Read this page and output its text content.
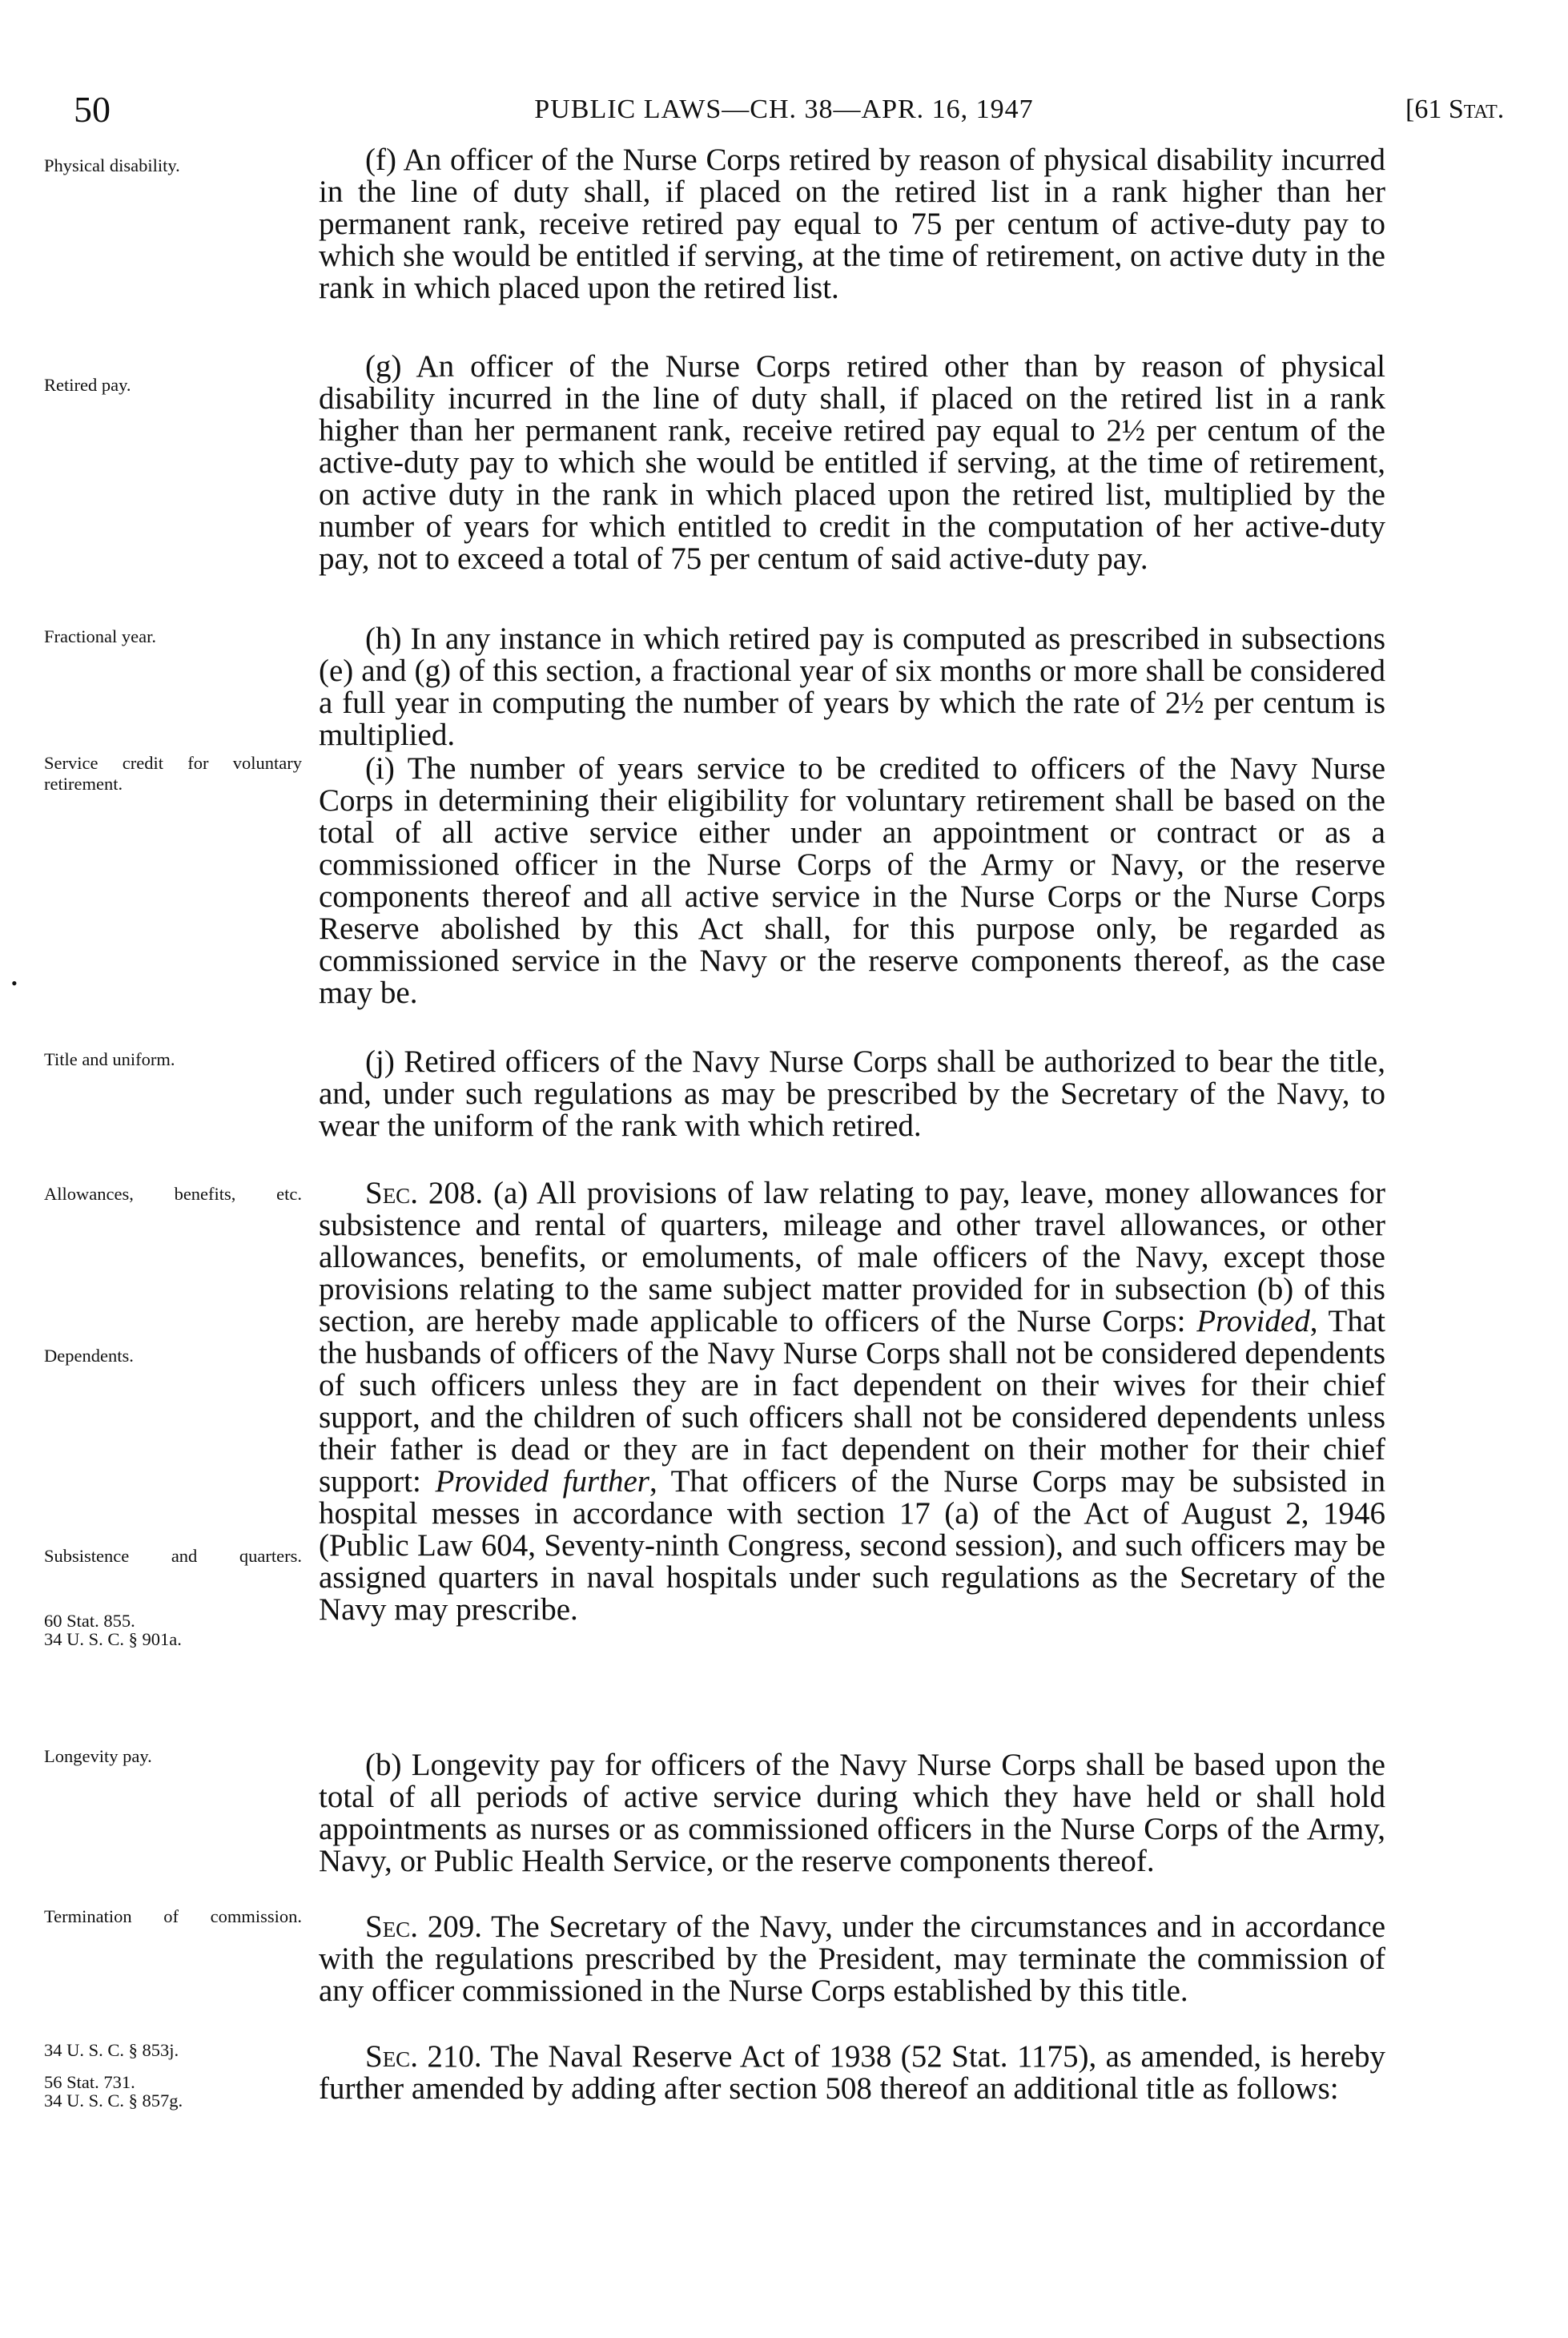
50	PUBLIC LAWS—CH. 38—APR. 16, 1947	[61 Stat.
•
Physical disability.
Retired pay.
Fractional year.
Service credit for voluntary retirement.
Title and uniform.
Allowances, benefits, etc.
Dependents.
Subsistence and quarters.
60 Stat. 855.
34 U. S. C. § 901a.
Longevity pay.
Termination of commission.
34 U. S. C. § 853j.
56 Stat. 731.
34 U. S. C. § 857g.
(f) An officer of the Nurse Corps retired by reason of physical disability incurred in the line of duty shall, if placed on the retired list in a rank higher than her permanent rank, receive retired pay equal to 75 per centum of active-duty pay to which she would be entitled if serving, at the time of retirement, on active duty in the rank in which placed upon the retired list.
(g) An officer of the Nurse Corps retired other than by reason of physical disability incurred in the line of duty shall, if placed on the retired list in a rank higher than her permanent rank, receive retired pay equal to 2½ per centum of the active-duty pay to which she would be entitled if serving, at the time of retirement, on active duty in the rank in which placed upon the retired list, multiplied by the number of years for which entitled to credit in the computation of her active-duty pay, not to exceed a total of 75 per centum of said active-duty pay.
(h) In any instance in which retired pay is computed as prescribed in subsections (e) and (g) of this section, a fractional year of six months or more shall be considered a full year in computing the number of years by which the rate of 2½ per centum is multiplied.
(i) The number of years service to be credited to officers of the Navy Nurse Corps in determining their eligibility for voluntary retirement shall be based on the total of all active service either under an appointment or contract or as a commissioned officer in the Nurse Corps of the Army or Navy, or the reserve components thereof and all active service in the Nurse Corps or the Nurse Corps Reserve abolished by this Act shall, for this purpose only, be regarded as commissioned service in the Navy or the reserve components thereof, as the case may be.
(j) Retired officers of the Navy Nurse Corps shall be authorized to bear the title, and, under such regulations as may be prescribed by the Secretary of the Navy, to wear the uniform of the rank with which retired.
Sec. 208. (a) All provisions of law relating to pay, leave, money allowances for subsistence and rental of quarters, mileage and other travel allowances, or other allowances, benefits, or emoluments, of male officers of the Navy, except those provisions relating to the same subject matter provided for in subsection (b) of this section, are hereby made applicable to officers of the Nurse Corps: Provided, That the husbands of officers of the Navy Nurse Corps shall not be considered dependents of such officers unless they are in fact dependent on their wives for their chief support, and the children of such officers shall not be considered dependents unless their father is dead or they are in fact dependent on their mother for their chief support: Provided further, That officers of the Nurse Corps may be subsisted in hospital messes in accordance with section 17 (a) of the Act of August 2, 1946 (Public Law 604, Seventy-ninth Congress, second session), and such officers may be assigned quarters in naval hospitals under such regulations as the Secretary of the Navy may prescribe.
(b) Longevity pay for officers of the Navy Nurse Corps shall be based upon the total of all periods of active service during which they have held or shall hold appointments as nurses or as commissioned officers in the Nurse Corps of the Army, Navy, or Public Health Service, or the reserve components thereof.
Sec. 209. The Secretary of the Navy, under the circumstances and in accordance with the regulations prescribed by the President, may terminate the commission of any officer commissioned in the Nurse Corps established by this title.
Sec. 210. The Naval Reserve Act of 1938 (52 Stat. 1175), as amended, is hereby further amended by adding after section 508 thereof an additional title as follows:
